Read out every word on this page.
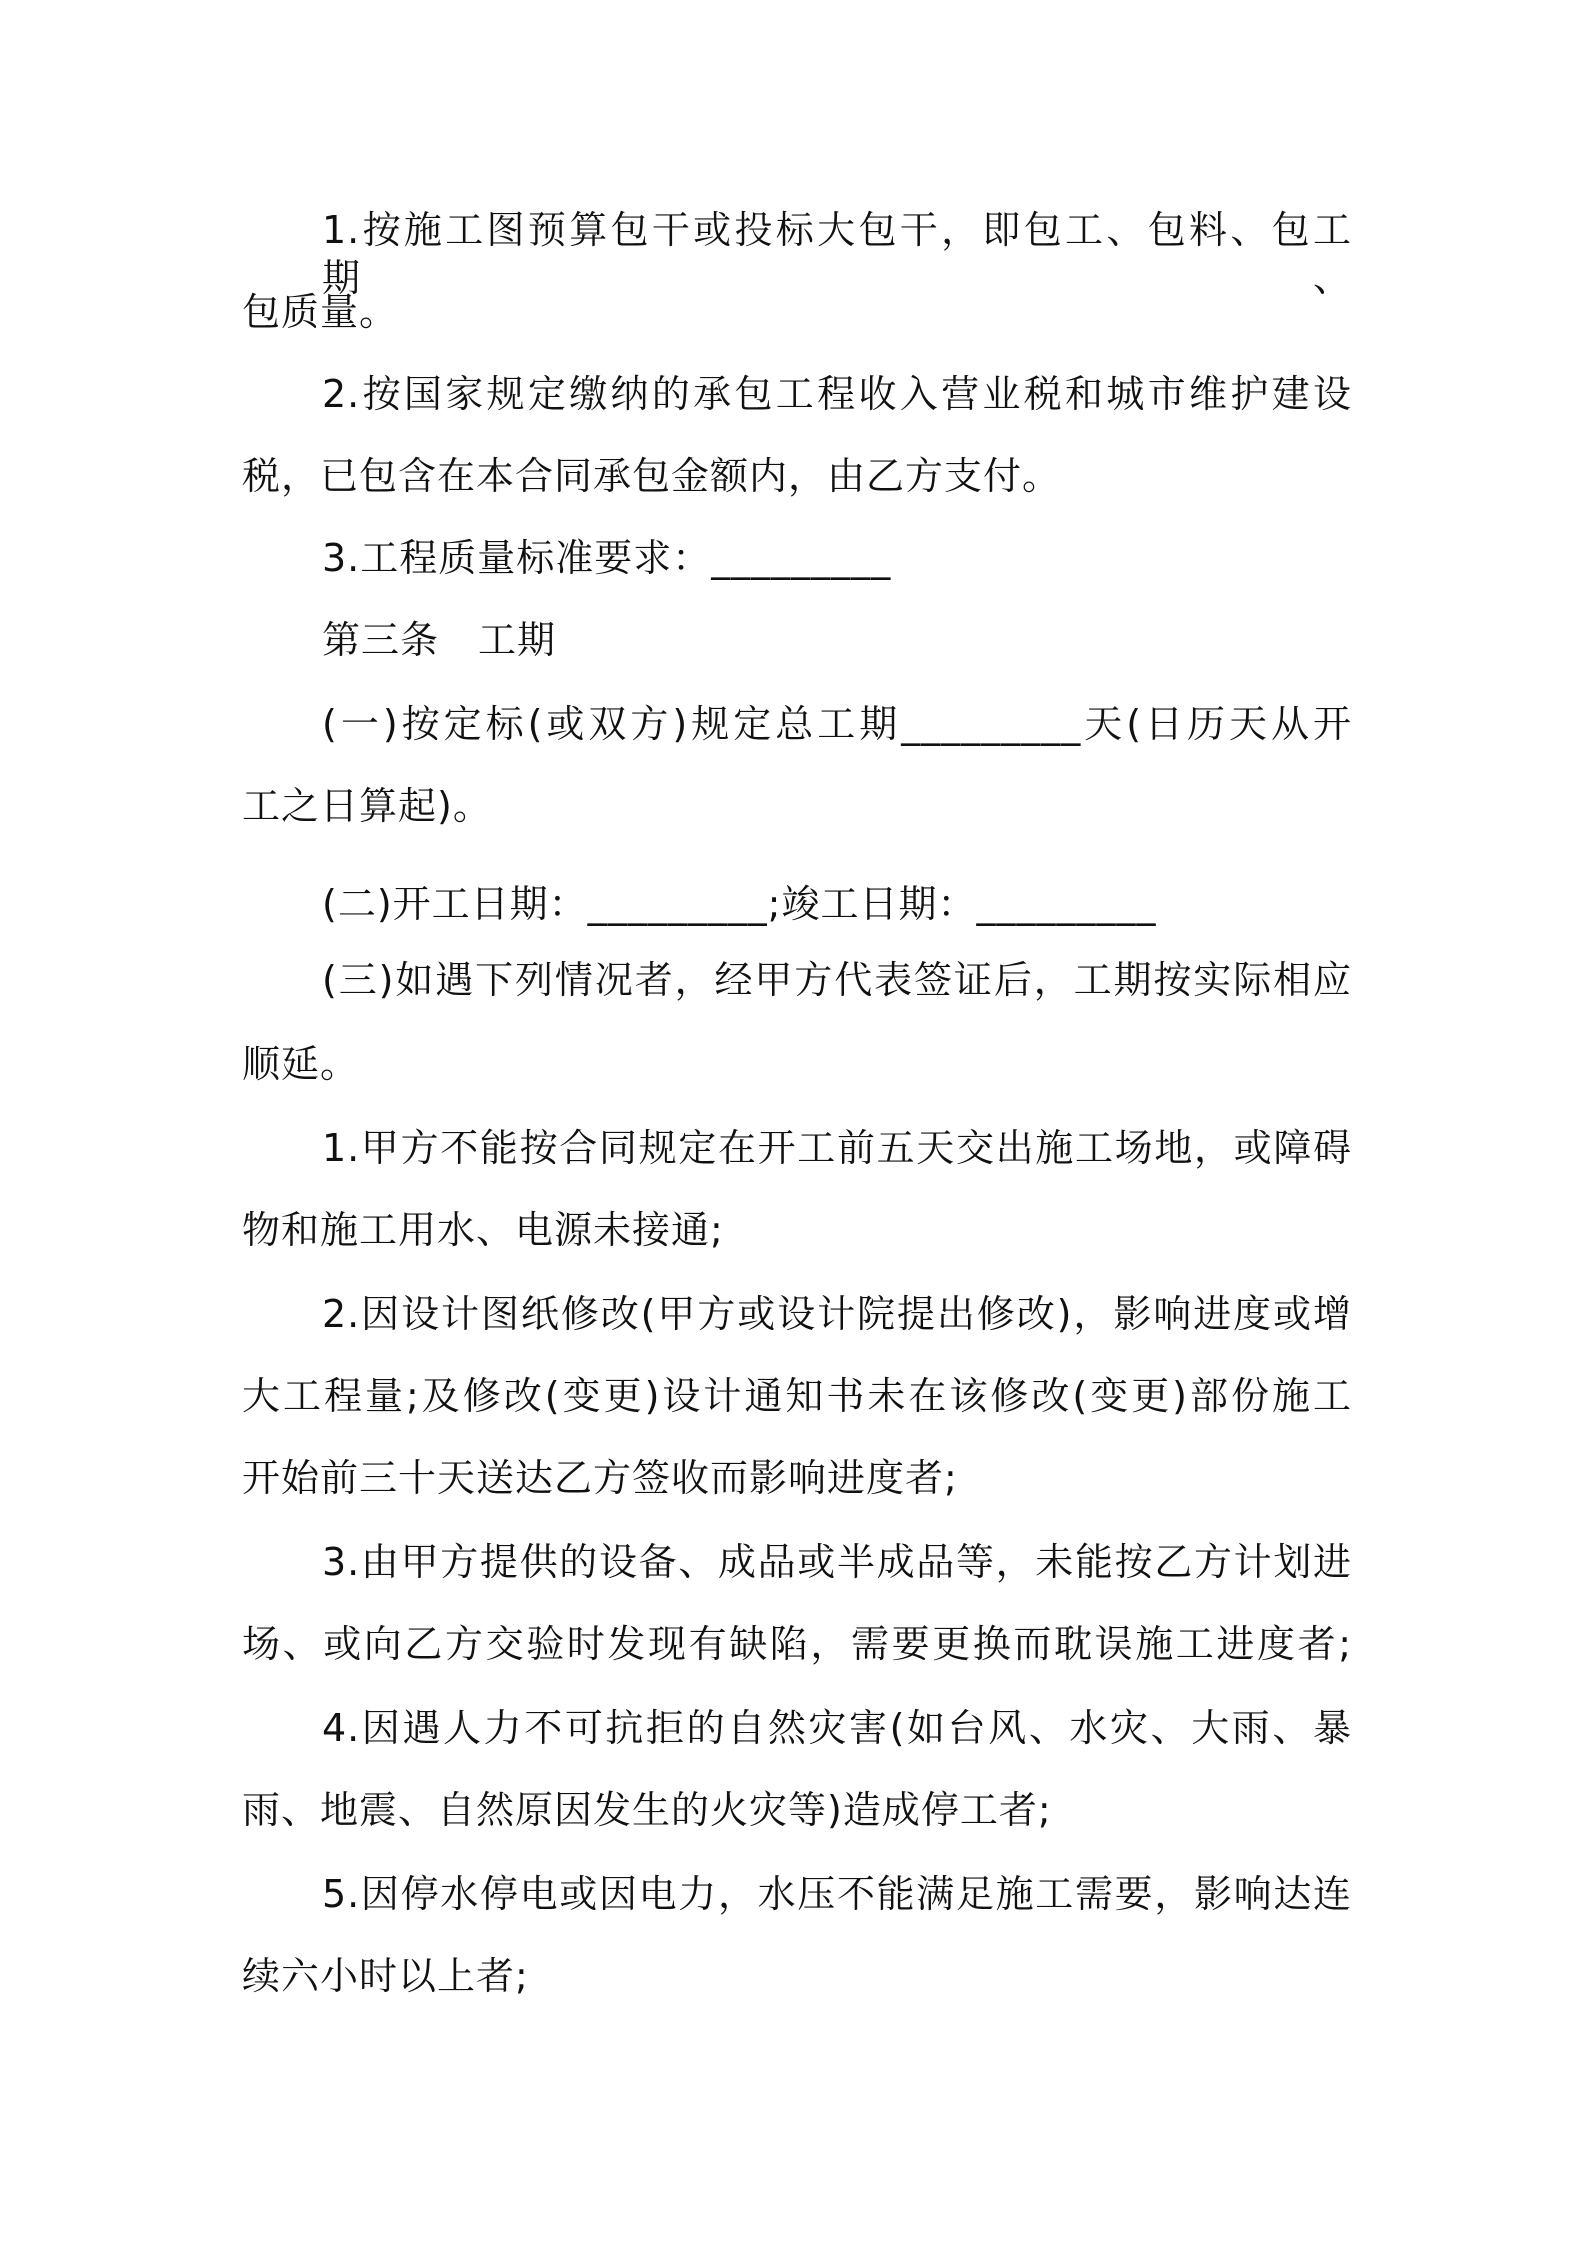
1.按施工图预算包干或投标大包干，即包工、包料、包工期、

包质量。

2.按国家规定缴纳的承包工程收入营业税和城市维护建设

税，已包含在本合同承包金额内，由乙方支付。

3.工程质量标准要求：_________

第三条　工期

(一)按定标(或双方)规定总工期_________天(日历天从开

工之日算起)。

(二)开工日期：_________;竣工日期：_________

(三)如遇下列情况者，经甲方代表签证后，工期按实际相应

顺延。

1.甲方不能按合同规定在开工前五天交出施工场地，或障碍

物和施工用水、电源未接通;

2.因设计图纸修改(甲方或设计院提出修改)，影响进度或增

大工程量;及修改(变更)设计通知书未在该修改(变更)部份施工

开始前三十天送达乙方签收而影响进度者;

3.由甲方提供的设备、成品或半成品等，未能按乙方计划进

场、或向乙方交验时发现有缺陷，需要更换而耽误施工进度者;

4.因遇人力不可抗拒的自然灾害(如台风、水灾、大雨、暴

雨、地震、自然原因发生的火灾等)造成停工者;

5.因停水停电或因电力，水压不能满足施工需要，影响达连

续六小时以上者;
